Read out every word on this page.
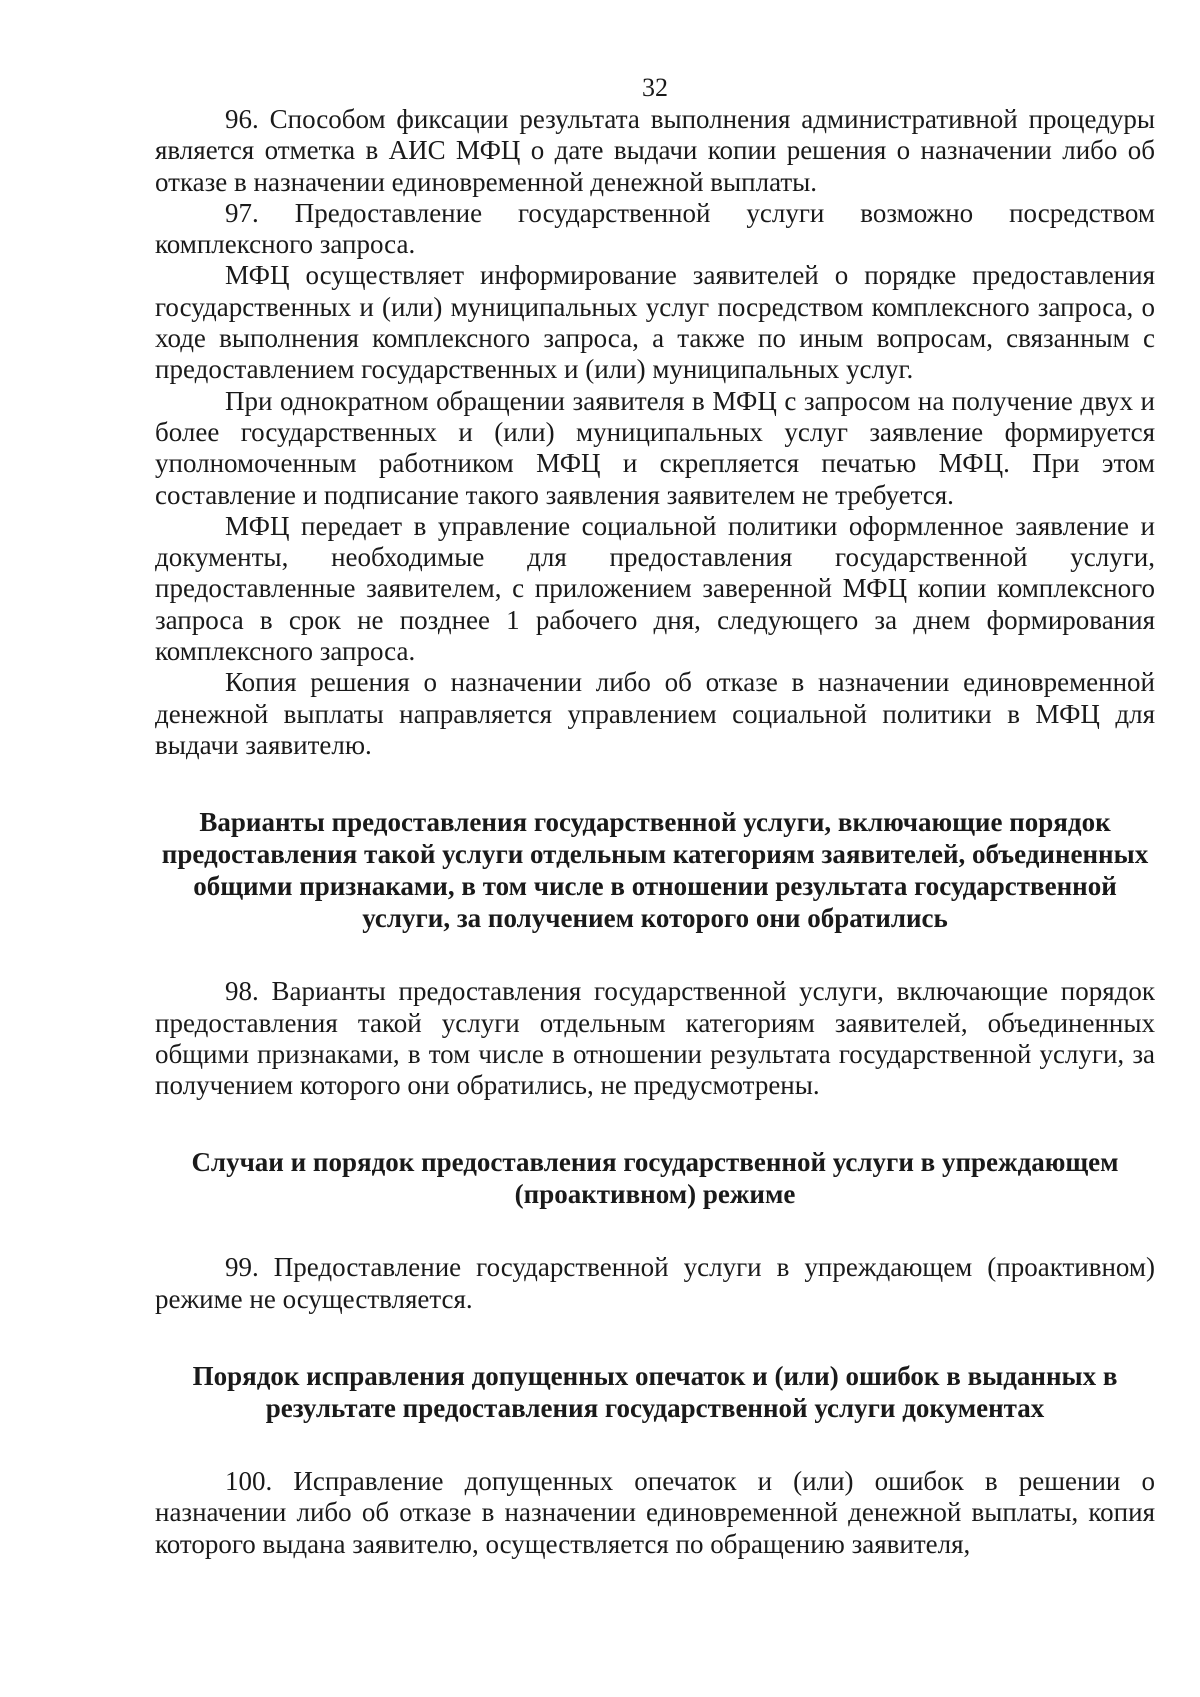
32

96. Способом фиксации результата выполнения административной процедуры является отметка в АИС МФЦ о дате выдачи копии решения о назначении либо об отказе в назначении единовременной денежной выплаты.

97. Предоставление государственной услуги возможно посредством комплексного запроса.

МФЦ осуществляет информирование заявителей о порядке предоставления государственных и (или) муниципальных услуг посредством комплексного запроса, о ходе выполнения комплексного запроса, а также по иным вопросам, связанным с предоставлением государственных и (или) муниципальных услуг.

При однократном обращении заявителя в МФЦ с запросом на получение двух и более государственных и (или) муниципальных услуг заявление формируется уполномоченным работником МФЦ и скрепляется печатью МФЦ. При этом составление и подписание такого заявления заявителем не требуется.

МФЦ передает в управление социальной политики оформленное заявление и документы, необходимые для предоставления государственной услуги, предоставленные заявителем, с приложением заверенной МФЦ копии комплексного запроса в срок не позднее 1 рабочего дня, следующего за днем формирования комплексного запроса.

Копия решения о назначении либо об отказе в назначении единовременной денежной выплаты направляется управлением социальной политики в МФЦ для выдачи заявителю.

Варианты предоставления государственной услуги, включающие порядок предоставления такой услуги отдельным категориям заявителей, объединенных общими признаками, в том числе в отношении результата государственной услуги, за получением которого они обратились

98. Варианты предоставления государственной услуги, включающие порядок предоставления такой услуги отдельным категориям заявителей, объединенных общими признаками, в том числе в отношении результата государственной услуги, за получением которого они обратились, не предусмотрены.

Случаи и порядок предоставления государственной услуги в упреждающем (проактивном) режиме

99. Предоставление государственной услуги в упреждающем (проактивном) режиме не осуществляется.

Порядок исправления допущенных опечаток и (или) ошибок в выданных в результате предоставления государственной услуги документах

100. Исправление допущенных опечаток и (или) ошибок в решении о назначении либо об отказе в назначении единовременной денежной выплаты, копия которого выдана заявителю, осуществляется по обращению заявителя,
